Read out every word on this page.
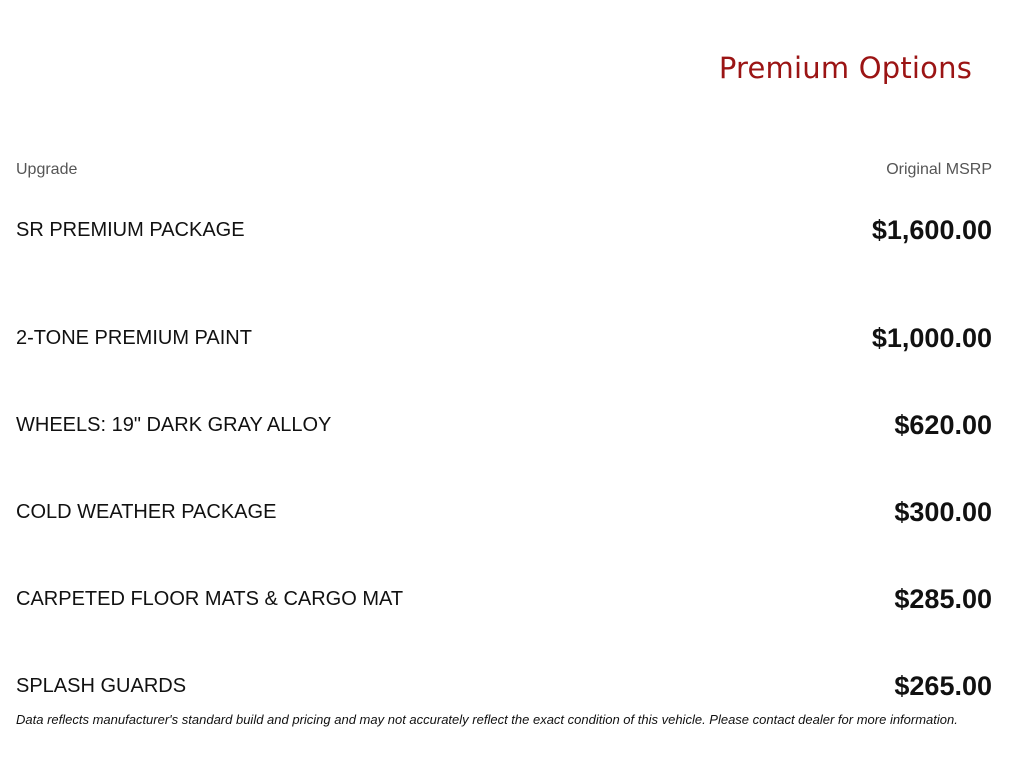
Premium Options
Upgrade	Original MSRP
SR PREMIUM PACKAGE	$1,600.00
2-TONE PREMIUM PAINT	$1,000.00
WHEELS: 19" DARK GRAY ALLOY	$620.00
COLD WEATHER PACKAGE	$300.00
CARPETED FLOOR MATS & CARGO MAT	$285.00
SPLASH GUARDS	$265.00
Data reflects manufacturer's standard build and pricing and may not accurately reflect the exact condition of this vehicle. Please contact dealer for more information.
